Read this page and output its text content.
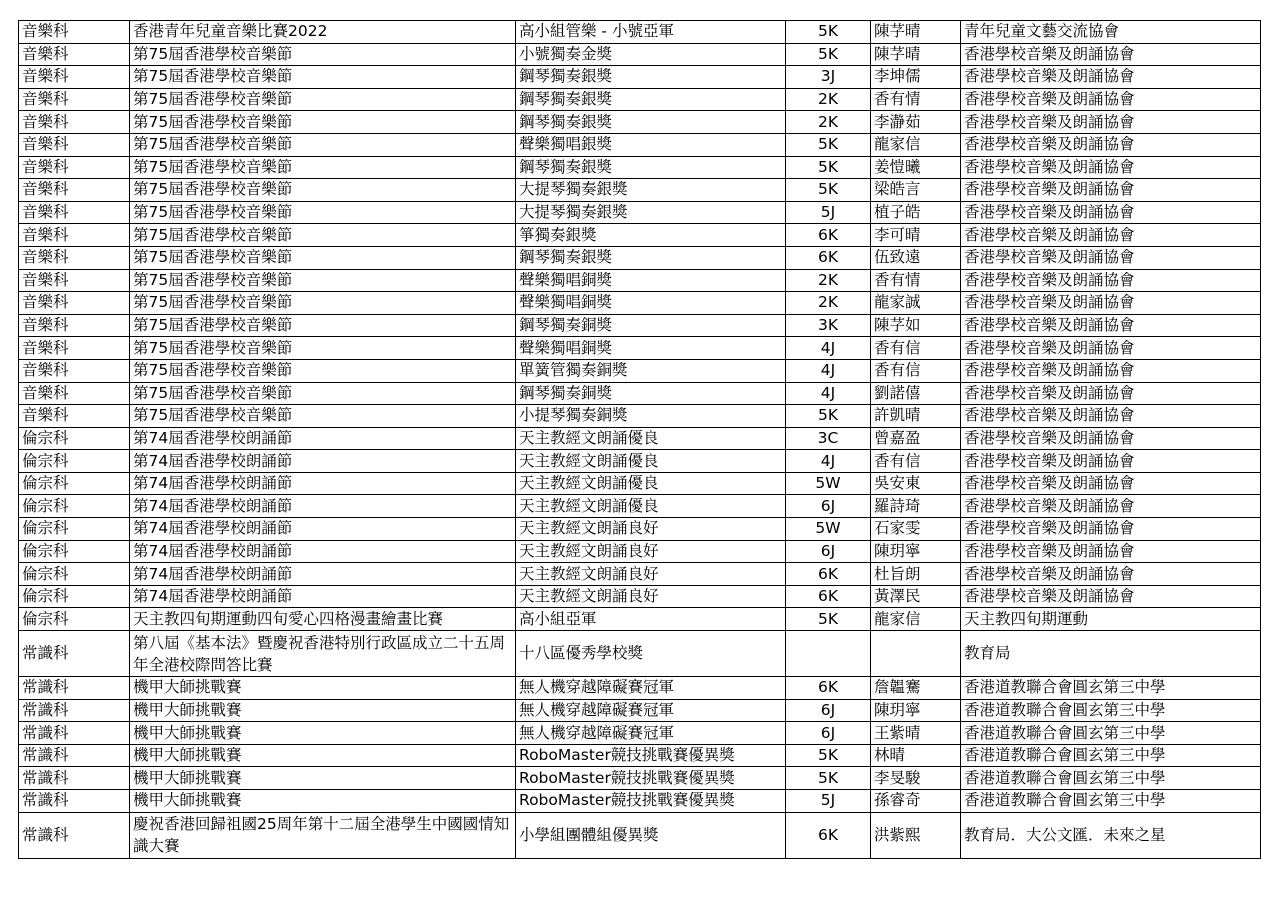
音樂科	香港青年兒童音樂比賽2022	高小組管樂 - 小號亞軍	5K	陳芓晴	青年兒童文藝交流協會
音樂科	第75屆香港學校音樂節	小號獨奏金獎	5K	陳芓晴	香港學校音樂及朗誦協會
音樂科	第75屆香港學校音樂節	鋼琴獨奏銀獎	3J	李坤儒	香港學校音樂及朗誦協會
音樂科	第75屆香港學校音樂節	鋼琴獨奏銀獎	2K	香有情	香港學校音樂及朗誦協會
音樂科	第75屆香港學校音樂節	鋼琴獨奏銀獎	2K	李瀞茹	香港學校音樂及朗誦協會
音樂科	第75屆香港學校音樂節	聲樂獨唱銀獎	5K	龍家信	香港學校音樂及朗誦協會
音樂科	第75屆香港學校音樂節	鋼琴獨奏銀獎	5K	姜愷曦	香港學校音樂及朗誦協會
音樂科	第75屆香港學校音樂節	大提琴獨奏銀獎	5K	梁皓言	香港學校音樂及朗誦協會
音樂科	第75屆香港學校音樂節	大提琴獨奏銀獎	5J	植子皓	香港學校音樂及朗誦協會
音樂科	第75屆香港學校音樂節	箏獨奏銀獎	6K	李可晴	香港學校音樂及朗誦協會
音樂科	第75屆香港學校音樂節	鋼琴獨奏銀獎	6K	伍致遠	香港學校音樂及朗誦協會
音樂科	第75屆香港學校音樂節	聲樂獨唱銅獎	2K	香有情	香港學校音樂及朗誦協會
音樂科	第75屆香港學校音樂節	聲樂獨唱銅獎	2K	龍家誠	香港學校音樂及朗誦協會
音樂科	第75屆香港學校音樂節	鋼琴獨奏銅獎	3K	陳芓如	香港學校音樂及朗誦協會
音樂科	第75屆香港學校音樂節	聲樂獨唱銅獎	4J	香有信	香港學校音樂及朗誦協會
音樂科	第75屆香港學校音樂節	單簧管獨奏銅獎	4J	香有信	香港學校音樂及朗誦協會
音樂科	第75屆香港學校音樂節	鋼琴獨奏銅獎	4J	劉諾僖	香港學校音樂及朗誦協會
音樂科	第75屆香港學校音樂節	小提琴獨奏銅獎	5K	許凱晴	香港學校音樂及朗誦協會
倫宗科	第74屆香港學校朗誦節	天主教經文朗誦優良	3C	曾嘉盈	香港學校音樂及朗誦協會
倫宗科	第74屆香港學校朗誦節	天主教經文朗誦優良	4J	香有信	香港學校音樂及朗誦協會
倫宗科	第74屆香港學校朗誦節	天主教經文朗誦優良	5W	吳安東	香港學校音樂及朗誦協會
倫宗科	第74屆香港學校朗誦節	天主教經文朗誦優良	6J	羅詩琦	香港學校音樂及朗誦協會
倫宗科	第74屆香港學校朗誦節	天主教經文朗誦良好	5W	石家雯	香港學校音樂及朗誦協會
倫宗科	第74屆香港學校朗誦節	天主教經文朗誦良好	6J	陳玥寧	香港學校音樂及朗誦協會
倫宗科	第74屆香港學校朗誦節	天主教經文朗誦良好	6K	杜旨朗	香港學校音樂及朗誦協會
倫宗科	第74屆香港學校朗誦節	天主教經文朗誦良好	6K	黃澤民	香港學校音樂及朗誦協會
倫宗科	天主教四旬期運動四旬愛心四格漫畫繪畫比賽	高小組亞軍	5K	龍家信	天主教四旬期運動
常識科	第八屆《基本法》暨慶祝香港特別行政區成立二十五周年全港校際問答比賽	十八區優秀學校獎			教育局
常識科	機甲大師挑戰賽	無人機穿越障礙賽冠軍	6K	詹韞騫	香港道教聯合會圓玄第三中學
常識科	機甲大師挑戰賽	無人機穿越障礙賽冠軍	6J	陳玥寧	香港道教聯合會圓玄第三中學
常識科	機甲大師挑戰賽	無人機穿越障礙賽冠軍	6J	王紫晴	香港道教聯合會圓玄第三中學
常識科	機甲大師挑戰賽	RoboMaster競技挑戰賽優異獎	5K	林晴	香港道教聯合會圓玄第三中學
常識科	機甲大師挑戰賽	RoboMaster競技挑戰賽優異獎	5K	李旻駿	香港道教聯合會圓玄第三中學
常識科	機甲大師挑戰賽	RoboMaster競技挑戰賽優異獎	5J	孫睿奇	香港道教聯合會圓玄第三中學
常識科	慶祝香港回歸祖國25周年第十二屆全港學生中國國情知識大賽	小學組團體組優異獎	6K	洪紫熙	教育局．大公文匯．未來之星
